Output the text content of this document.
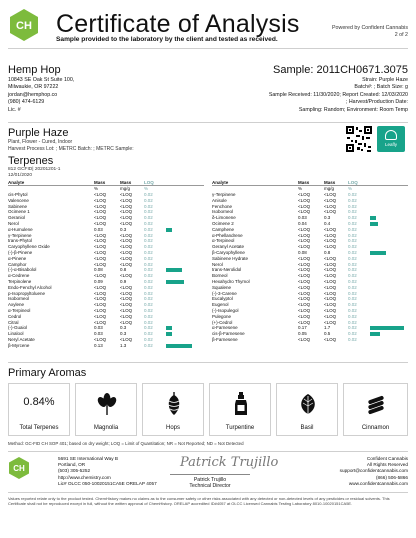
CH Certificate of Analysis
Sample provided to the laboratory by the client and tested as received.
Powered by Confident Cannabis
2 of 2
Hemp Hop
10843 SE Oak St Suite 100,
Milwaukie, OR 97222
jordan@hemphop.co
(980) 474-6129
Lic. #
Sample: 2011CH0671.3075
Strain: Purple Haze
Batch#: ; Batch Size: g
Sample Received: 11/30/2020; Report Created: 12/03/2020
; Harvest/Production Date:
Sampling: Random; Environment: Room Temp
Purple Haze
Plant, Flower - Cured, Indoor
Harvest Process Lot: ; METRC Batch: ; METRC Sample:
Leafly
Terpenes
812 GCFID| 20201201-1
12/01/2020
Analyte	Mass	Mass	LOQ
%	mg/g	%
cis-Phytol	<LOQ	<LOQ	0.02
Valencene	<LOQ	<LOQ	0.02
Sabinene	<LOQ	<LOQ	0.02
Ocimene 1	<LOQ	<LOQ	0.02
Geraniol	<LOQ	<LOQ	0.02
Nerol	<LOQ	<LOQ	0.02
α-Humulene	0.03	0.3	0.02
γ-Terpinene	<LOQ	<LOQ	0.02
trans-Phytol	<LOQ	<LOQ	0.02
Caryophyllene Oxide	<LOQ	<LOQ	0.02
(-)-β-Pinene	<LOQ	<LOQ	0.02
α-Pinene	<LOQ	<LOQ	0.02
Camphor	<LOQ	<LOQ	0.02
(-)-α-Bisabolol	0.08	0.8	0.02
α-Cedrene	<LOQ	<LOQ	0.02
Terpinolene	0.09	0.9	0.02
Endo-Fenchyl Alcohol	<LOQ	<LOQ	0.02
p-Isopropyltoluene	<LOQ	<LOQ	0.02
Isoborneol	<LOQ	<LOQ	0.02
Axylene	<LOQ	<LOQ	0.02
α-Terpineol	<LOQ	<LOQ	0.02
Cedrol	<LOQ	<LOQ	0.02
Citral	<LOQ	<LOQ	0.02
(-)-Guaiol	0.03	0.3	0.02
Linalool	0.03	0.3	0.02
Neryl Acetate	<LOQ	<LOQ	0.02
β-Myrcene	0.13	1.3	0.02
Analyte	Mass	Mass	LOQ
%	mg/g	%
γ-Terpinene	<LOQ	<LOQ	0.02
Anisole	<LOQ	<LOQ	0.02
Fenchone	<LOQ	<LOQ	0.02
Isoborneol	<LOQ	<LOQ	0.02
δ-Limonene	0.03	0.3	0.02
Ocimene 2	0.04	0.4	0.02
Camphene	<LOQ	<LOQ	0.02
α-Phellandrene	<LOQ	<LOQ	0.02
α-Terpineol	<LOQ	<LOQ	0.02
Geranyl Acetate	<LOQ	<LOQ	0.02
β-Caryophyllene	0.08	0.8	0.02
Sabinene Hydrate	<LOQ	<LOQ	0.02
Nerol	<LOQ	<LOQ	0.02
trans-Nerolidol	<LOQ	<LOQ	0.02
Borneol	<LOQ	<LOQ	0.02
Hexahydro Thymol	<LOQ	<LOQ	0.02
Squalene	<LOQ	<LOQ	0.02
(-)-3-Carene	<LOQ	<LOQ	0.02
Eucalyptol	<LOQ	<LOQ	0.02
Eugenol	<LOQ	<LOQ	0.02
(-)-Isopulegol	<LOQ	<LOQ	0.02
Pulegone	<LOQ	<LOQ	0.02
(+)-Cedrol	<LOQ	<LOQ	0.02
α-Farnesene	0.17	1.7	0.02
cis-β-Farnesene	0.05	0.5	0.02
β-Farnesene	<LOQ	<LOQ	0.02
Primary Aromas
0.84%
Total Terpenes	Magnolia	Hops	Turpentine	Basil	Cinnamon
Method: GC-FID CH SOP 401; based on dry weight; LOQ = Limit of Quantitation; NR = Not Reported; ND = Not Detected
CH
5691 SE International Way B
Portland, OR
(503) 305-5252
http://www.chemistry.com
Lic# OLCC 050-10020151CA5E ORELAP 4057
Patrick Trujillo
Patrick Trujillo
Technical Director
Confident Cannabis
All Rights Reserved
support@confidentcannabis.com
(866) 506-5866
www.confidentcannabis.com
Values reported relate only to the product tested. ChemHistory makes no claims as to the consumer safety or other risks associated with any detected or non-detected levels of any pesticides or residual solvents. This Certificate shall not be reproduced except in full, without the written approval of ChemHistory. ORELAP accredited ID#4057 at OLCC Licensed Cannabis Testing Laboratory 8010-10020151CA5E.
